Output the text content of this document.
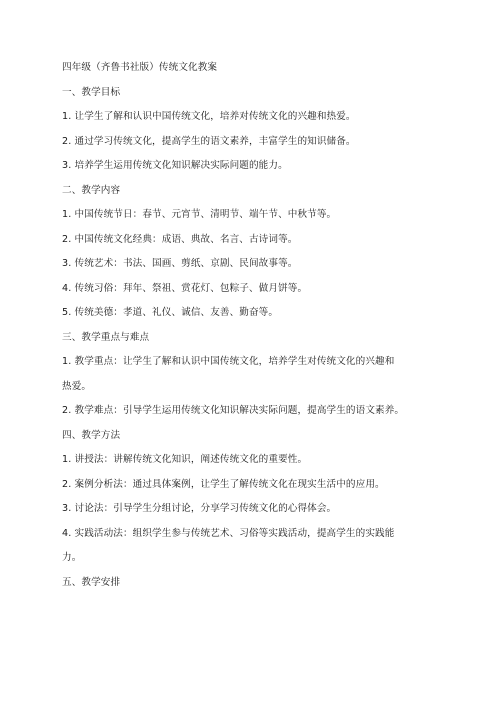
四年级（齐鲁书社版）传统文化教案

一、教学目标

1. 让学生了解和认识中国传统文化，培养对传统文化的兴趣和热爱。

2. 通过学习传统文化，提高学生的语文素养，丰富学生的知识储备。

3. 培养学生运用传统文化知识解决实际问题的能力。

二、教学内容

1. 中国传统节日：春节、元宵节、清明节、端午节、中秋节等。

2. 中国传统文化经典：成语、典故、名言、古诗词等。

3. 传统艺术：书法、国画、剪纸、京剧、民间故事等。

4. 传统习俗：拜年、祭祖、赏花灯、包粽子、做月饼等。

5. 传统美德：孝道、礼仪、诚信、友善、勤奋等。

三、教学重点与难点

1. 教学重点：让学生了解和认识中国传统文化，培养学生对传统文化的兴趣和

热爱。

2. 教学难点：引导学生运用传统文化知识解决实际问题，提高学生的语文素养。

四、教学方法

1. 讲授法：讲解传统文化知识，阐述传统文化的重要性。

2. 案例分析法：通过具体案例，让学生了解传统文化在现实生活中的应用。

3. 讨论法：引导学生分组讨论，分享学习传统文化的心得体会。

4. 实践活动法：组织学生参与传统艺术、习俗等实践活动，提高学生的实践能

力。

五、教学安排
